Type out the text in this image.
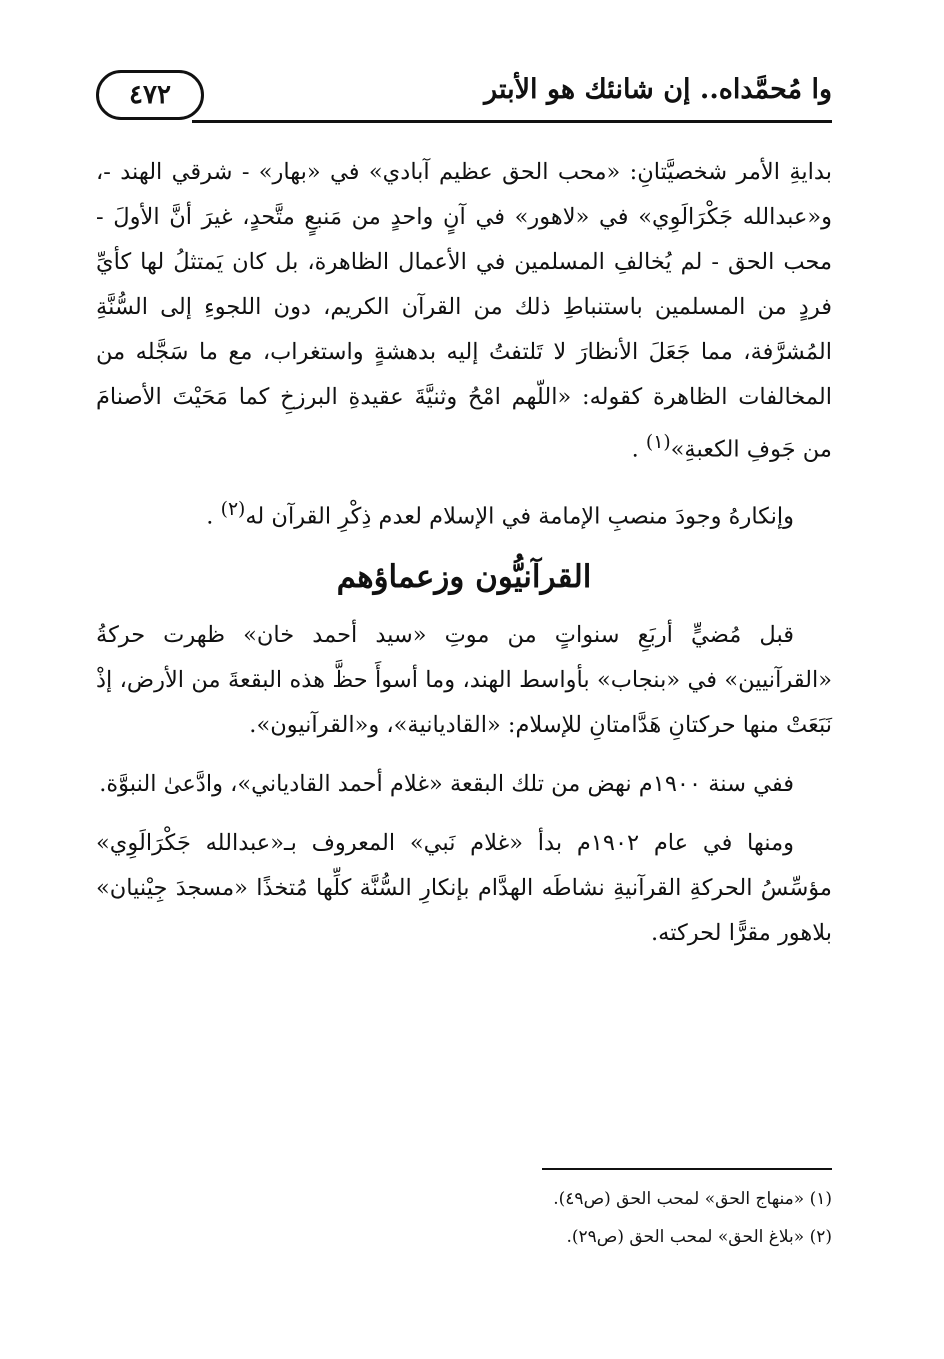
وا مُحمَّداه.. إن شانئك هو الأبتر
٤٧٢

بدايةِ الأمر شخصيَّتانِ: «محب الحق عظيم آبادي» في «بهار» - شرقي الهند -، و«عبدالله جَكْرَالَوِي» في «لاهور» في آنٍ واحدٍ من مَنبعٍ متَّحدٍ، غيرَ أنَّ الأولَ - محب الحق - لم يُخالفِ المسلمين في الأعمال الظاهرة، بل كان يَمتثلُ لها كأيِّ فردٍ من المسلمين باستنباطِ ذلك من القرآن الكريم، دون اللجوءِ إلى السُّنَّةِ المُشرَّفة، مما جَعَلَ الأنظارَ لا تَلتفتُ إليه بدهشةٍ واستغراب، مع ما سَجَّله من المخالفات الظاهرة كقوله: «اللّهم امْحُ وثنيَّةَ عقيدةِ البرزخِ كما مَحَيْتَ الأصنامَ من جَوفِ الكعبةِ»$^{(١)}$ .

وإنكارهُ وجودَ منصبِ الإمامة في الإسلام لعدم ذِكْرِ القرآن له$^{(٢)}$ .

القرآنيُّون وزعماؤهم

قبل مُضيٍّ أربَعِ سنواتٍ من موتِ «سيد أحمد خان» ظهرت حركةُ «القرآنيين» في «بنجاب» بأواسط الهند، وما أسوأَ حظَّ هذه البقعةَ من الأرض، إذْ نَبَعَتْ منها حركتانِ هَدَّامتانِ للإسلام: «القاديانية»، و«القرآنيون».

ففي سنة ١٩٠٠م نهض من تلك البقعة «غلام أحمد القادياني»، وادَّعىٰ النبوَّة.

ومنها في عام ١٩٠٢م بدأ «غلام نَبي» المعروف بـ«عبدالله جَكْرَالَوِي» مؤسِّسُ الحركةِ القرآنيةِ نشاطَه الهدَّام بإنكارِ السُّنَّة كلِّها مُتخذًا «مسجدَ جِيْنيان» بلاهور مقرًّا لحركته.

(١) «منهاج الحق» لمحب الحق (ص٤٩).
(٢) «بلاغ الحق» لمحب الحق (ص٢٩).
